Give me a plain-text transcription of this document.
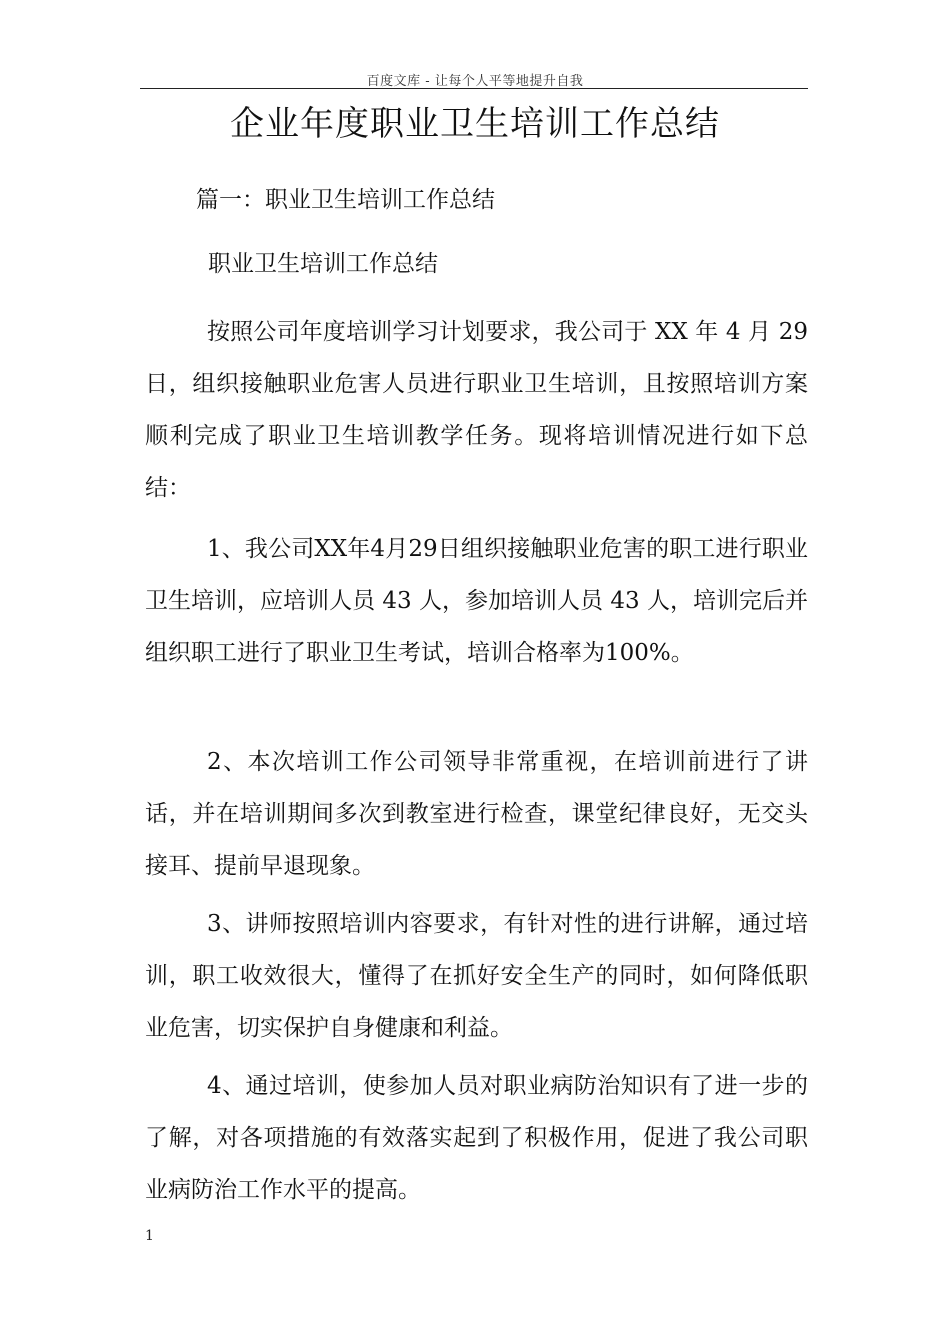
百度文库 - 让每个人平等地提升自我
企业年度职业卫生培训工作总结
篇一：职业卫生培训工作总结
职业卫生培训工作总结

按照公司年度培训学习计划要求，我公司于 XX 年 4 月 29 日，组织接触职业危害人员进行职业卫生培训，且按照培训方案顺利完成了职业卫生培训教学任务。现将培训情况进行如下总结：

1、我公司XX年4月29日组织接触职业危害的职工进行职业卫生培训，应培训人员 43 人，参加培训人员 43 人，培训完后并组织职工进行了职业卫生考试，培训合格率为100%。

2、本次培训工作公司领导非常重视，在培训前进行了讲话，并在培训期间多次到教室进行检查，课堂纪律良好，无交头接耳、提前早退现象。

3、讲师按照培训内容要求，有针对性的进行讲解，通过培训，职工收效很大，懂得了在抓好安全生产的同时，如何降低职业危害，切实保护自身健康和利益。

4、通过培训，使参加人员对职业病防治知识有了进一步的了解，对各项措施的有效落实起到了积极作用，促进了我公司职业病防治工作水平的提高。

1
